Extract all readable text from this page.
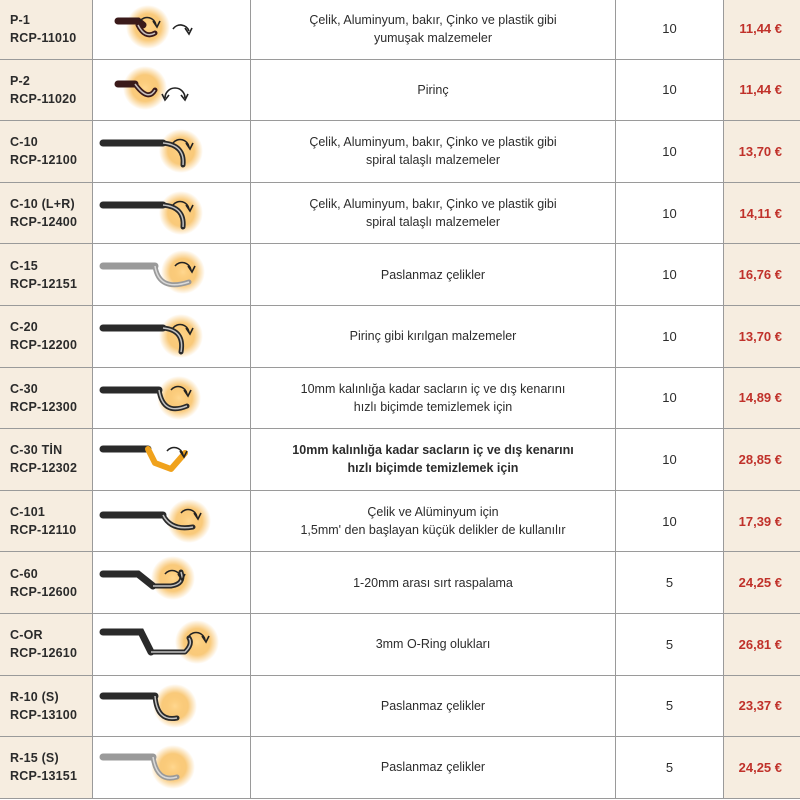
P-1
RCP-11010
Çelik, Aluminyum, bakır, Çinko ve plastik gibi
yumuşak malzemeler
10	11,44 €
P-2
RCP-11020
Pirinç	10	11,44 €
C-10
RCP-12100
Çelik, Aluminyum, bakır, Çinko ve plastik gibi
spiral talaşlı malzemeler
10	13,70 €
C-10 (L+R)
RCP-12400
Çelik, Aluminyum, bakır, Çinko ve plastik gibi
spiral talaşlı malzemeler
10	14,11 €
C-15
RCP-12151
Paslanmaz çelikler	10	16,76 €
C-20
RCP-12200
Pirinç gibi kırılgan malzemeler	10	13,70 €
C-30
RCP-12300
10mm kalınlığa kadar sacların iç ve dış kenarını
hızlı biçimde temizlemek için
10	14,89 €
C-30 TİN
RCP-12302
10mm kalınlığa kadar sacların iç ve dış kenarını
hızlı biçimde temizlemek için
10	28,85 €
C-101
RCP-12110
Çelik ve Alüminyum için
1,5mm' den başlayan küçük delikler de kullanılır
10	17,39 €
C-60
RCP-12600
1-20mm arası sırt raspalama	5	24,25 €
C-OR
RCP-12610
3mm O-Ring olukları	5	26,81 €
R-10 (S)
RCP-13100
Paslanmaz çelikler	5	23,37 €
R-15 (S)
RCP-13151
Paslanmaz çelikler	5	24,25 €
